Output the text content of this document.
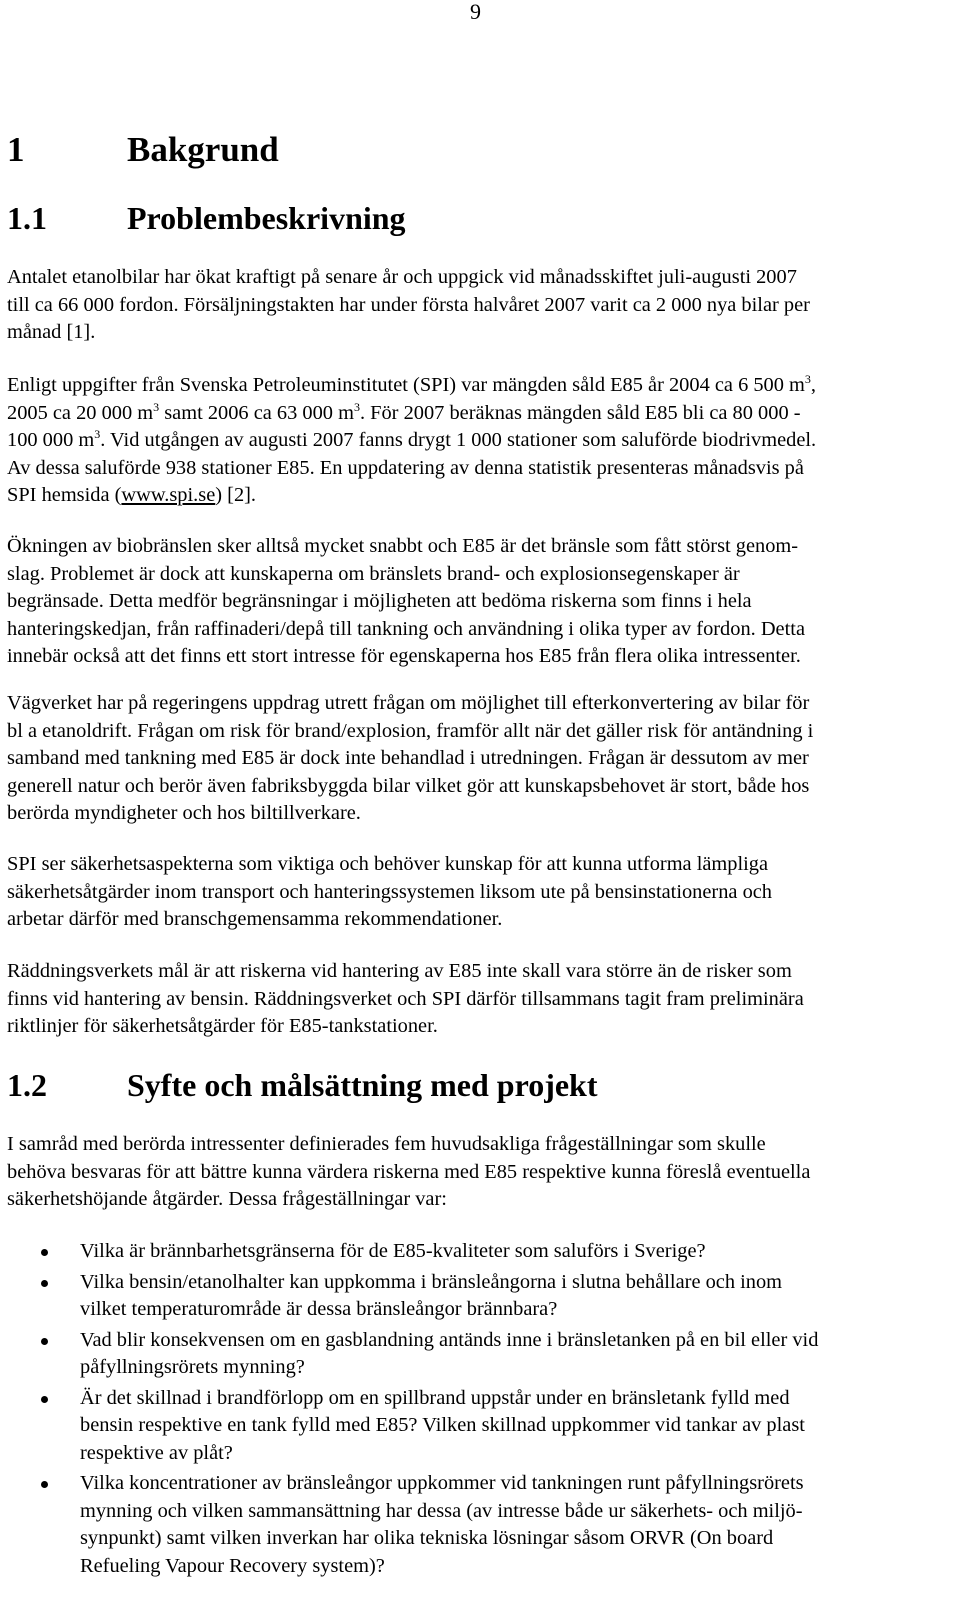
9
1	Bakgrund
1.1	Problembeskrivning
Antalet etanolbilar har ökat kraftigt på senare år och uppgick vid månadsskiftet juli-augusti 2007
till ca 66 000 fordon. Försäljningstakten har under första halvåret 2007 varit ca 2 000 nya bilar per
månad [1].
Enligt uppgifter från Svenska Petroleuminstitutet (SPI) var mängden såld E85 år 2004 ca 6 500 $m^3$,
2005 ca 20 000 $m^3$ samt 2006 ca 63 000 $m^3$. För 2007 beräknas mängden såld E85 bli ca 80 000 -
100 000 $m^3$. Vid utgången av augusti 2007 fanns drygt 1 000 stationer som saluförde biodrivmedel.
Av dessa saluförde 938 stationer E85. En uppdatering av denna statistik presenteras månadsvis på
SPI hemsida (www.spi.se) [2].
Ökningen av biobränslen sker alltså mycket snabbt och E85 är det bränsle som fått störst genom-
slag. Problemet är dock att kunskaperna om bränslets brand- och explosionsegenskaper är
begränsade. Detta medför begränsningar i möjligheten att bedöma riskerna som finns i hela
hanteringskedjan, från raffinaderi/depå till tankning och användning i olika typer av fordon. Detta
innebär också att det finns ett stort intresse för egenskaperna hos E85 från flera olika intressenter.
Vägverket har på regeringens uppdrag utrett frågan om möjlighet till efterkonvertering av bilar för
bl a etanoldrift. Frågan om risk för brand/explosion, framför allt när det gäller risk för antändning i
samband med tankning med E85 är dock inte behandlad i utredningen. Frågan är dessutom av mer
generell natur och berör även fabriksbyggda bilar vilket gör att kunskapsbehovet är stort, både hos
berörda myndigheter och hos biltillverkare.
SPI ser säkerhetsaspekterna som viktiga och behöver kunskap för att kunna utforma lämpliga
säkerhetsåtgärder inom transport och hanteringssystemen liksom ute på bensinstationerna och
arbetar därför med branschgemensamma rekommendationer.
Räddningsverkets mål är att riskerna vid hantering av E85 inte skall vara större än de risker som
finns vid hantering av bensin. Räddningsverket och SPI därför tillsammans tagit fram preliminära
riktlinjer för säkerhetsåtgärder för E85-tankstationer.
1.2	Syfte och målsättning med projekt
I samråd med berörda intressenter definierades fem huvudsakliga frågeställningar som skulle
behöva besvaras för att bättre kunna värdera riskerna med E85 respektive kunna föreslå eventuella
säkerhetshöjande åtgärder. Dessa frågeställningar var:
Vilka är brännbarhetsgränserna för de E85-kvaliteter som saluförs i Sverige?
Vilka bensin/etanolhalter kan uppkomma i bränsleångorna i slutna behållare och inom
vilket temperaturområde är dessa bränsleångor brännbara?
Vad blir konsekvensen om en gasblandning antänds inne i bränsletanken på en bil eller vid
påfyllningsrörets mynning?
Är det skillnad i brandförlopp om en spillbrand uppstår under en bränsletank fylld med
bensin respektive en tank fylld med E85? Vilken skillnad uppkommer vid tankar av plast
respektive av plåt?
Vilka koncentrationer av bränsleångor uppkommer vid tankningen runt påfyllningsrörets
mynning och vilken sammansättning har dessa (av intresse både ur säkerhets- och miljö-
synpunkt) samt vilken inverkan har olika tekniska lösningar såsom ORVR (On board
Refueling Vapour Recovery system)?
